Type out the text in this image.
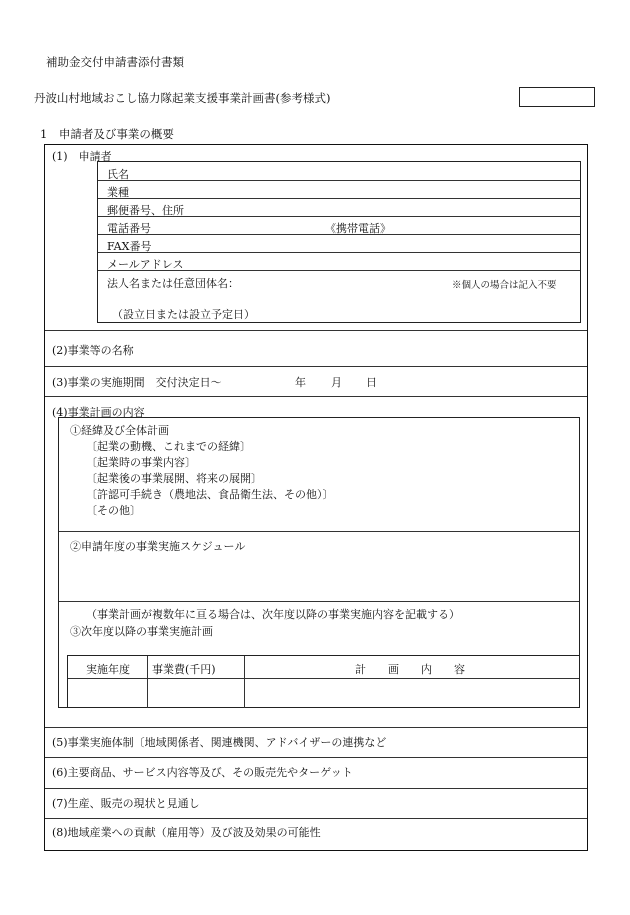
補助金交付申請書添付書類
丹波山村地域おこし協力隊起業支援事業計画書(参考様式)
1　申請者及び事業の概要
(1)　申請者
氏名
業種
郵便番号、住所
電話番号	《携帯電話》
FAX番号
メールアドレス
法人名または任意団体名：	※個人の場合は記入不要
（設立日または設立予定日）
(2)事業等の名称
(3)事業の実施期間　交付決定日〜	年 月 日
(4)事業計画の内容
①経緯及び全体計画
〔起業の動機、これまでの経緯〕
〔起業時の事業内容〕
〔起業後の事業展開、将来の展開〕
〔許認可手続き（農地法、食品衛生法、その他）〕
〔その他〕
②申請年度の事業実施スケジュール
（事業計画が複数年に亘る場合は、次年度以降の事業実施内容を記載する）
③次年度以降の事業実施計画
実施年度 事業費(千円)	計　　画　　内　　容
(5)事業実施体制〔地域関係者、関連機関、アドバイザーの連携など
(6)主要商品、サービス内容等及び、その販売先やターゲット
(7)生産、販売の現状と見通し
(8)地域産業への貢献（雇用等）及び波及効果の可能性
